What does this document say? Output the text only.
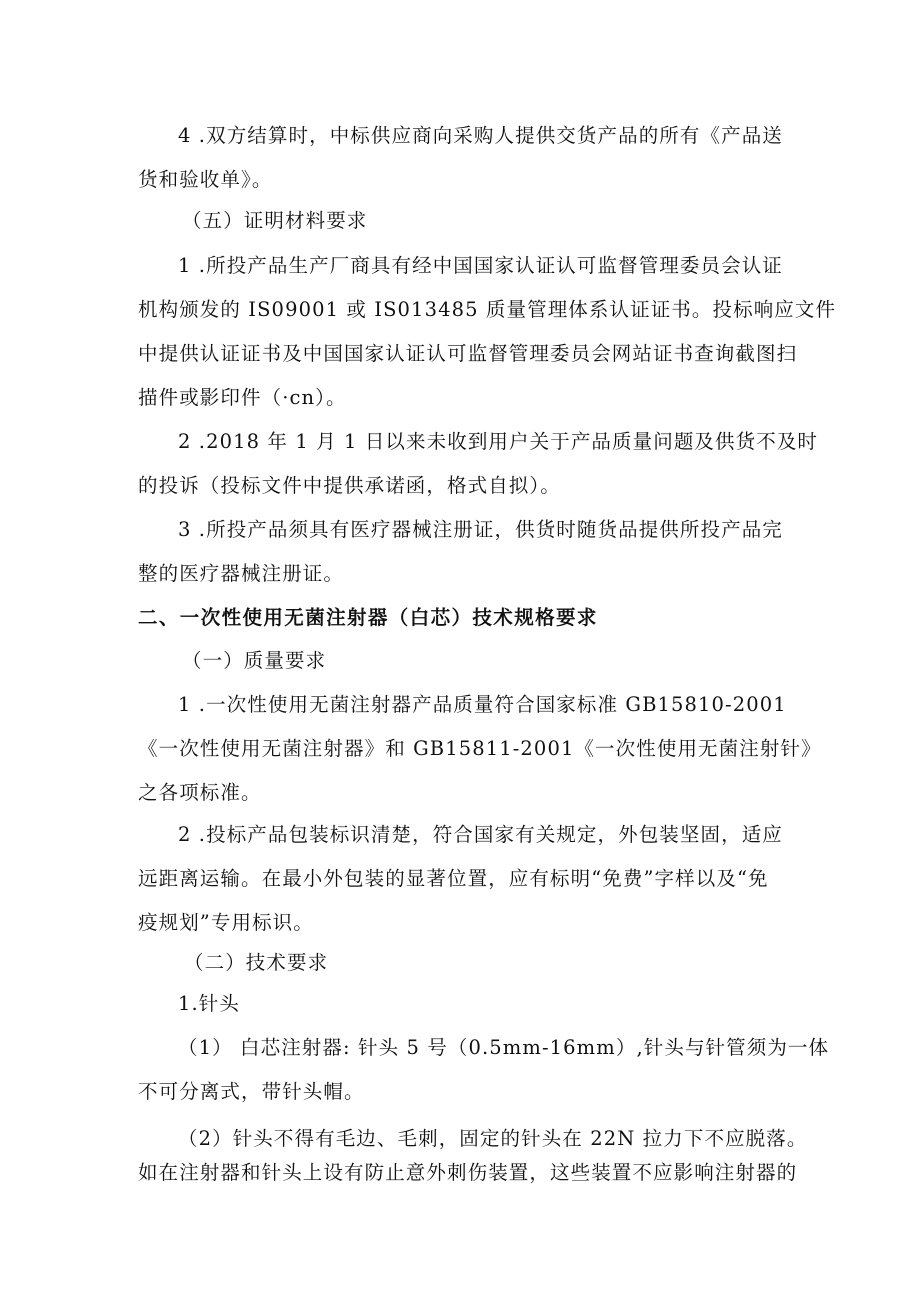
4 .双方结算时，中标供应商向采购人提供交货产品的所有《产品送
货和验收单》。
（五）证明材料要求
1 .所投产品生产厂商具有经中国国家认证认可监督管理委员会认证
机构颁发的 IS09001 或 IS013485 质量管理体系认证证书。投标响应文件
中提供认证证书及中国国家认证认可监督管理委员会网站证书查询截图扫
描件或影印件（·cn）。
2 .2018 年 1 月 1 日以来未收到用户关于产品质量问题及供货不及时
的投诉（投标文件中提供承诺函，格式自拟）。
3 .所投产品须具有医疗器械注册证，供货时随货品提供所投产品完
整的医疗器械注册证。
二、一次性使用无菌注射器（白芯）技术规格要求
（一）质量要求
1 .一次性使用无菌注射器产品质量符合国家标准 GB15810-2001
《一次性使用无菌注射器》和 GB15811-2001《一次性使用无菌注射针》
之各项标准。
2 .投标产品包装标识清楚，符合国家有关规定，外包装坚固，适应
远距离运输。在最小外包装的显著位置，应有标明“免费”字样以及“免
疫规划”专用标识。
（二）技术要求
1.针头
（1） 白芯注射器: 针头 5 号（0.5mm-16mm）,针头与针管须为一体
不可分离式，带针头帽。
（2）针头不得有毛边、毛刺，固定的针头在 22N 拉力下不应脱落。
如在注射器和针头上设有防止意外刺伤装置，这些装置不应影响注射器的
